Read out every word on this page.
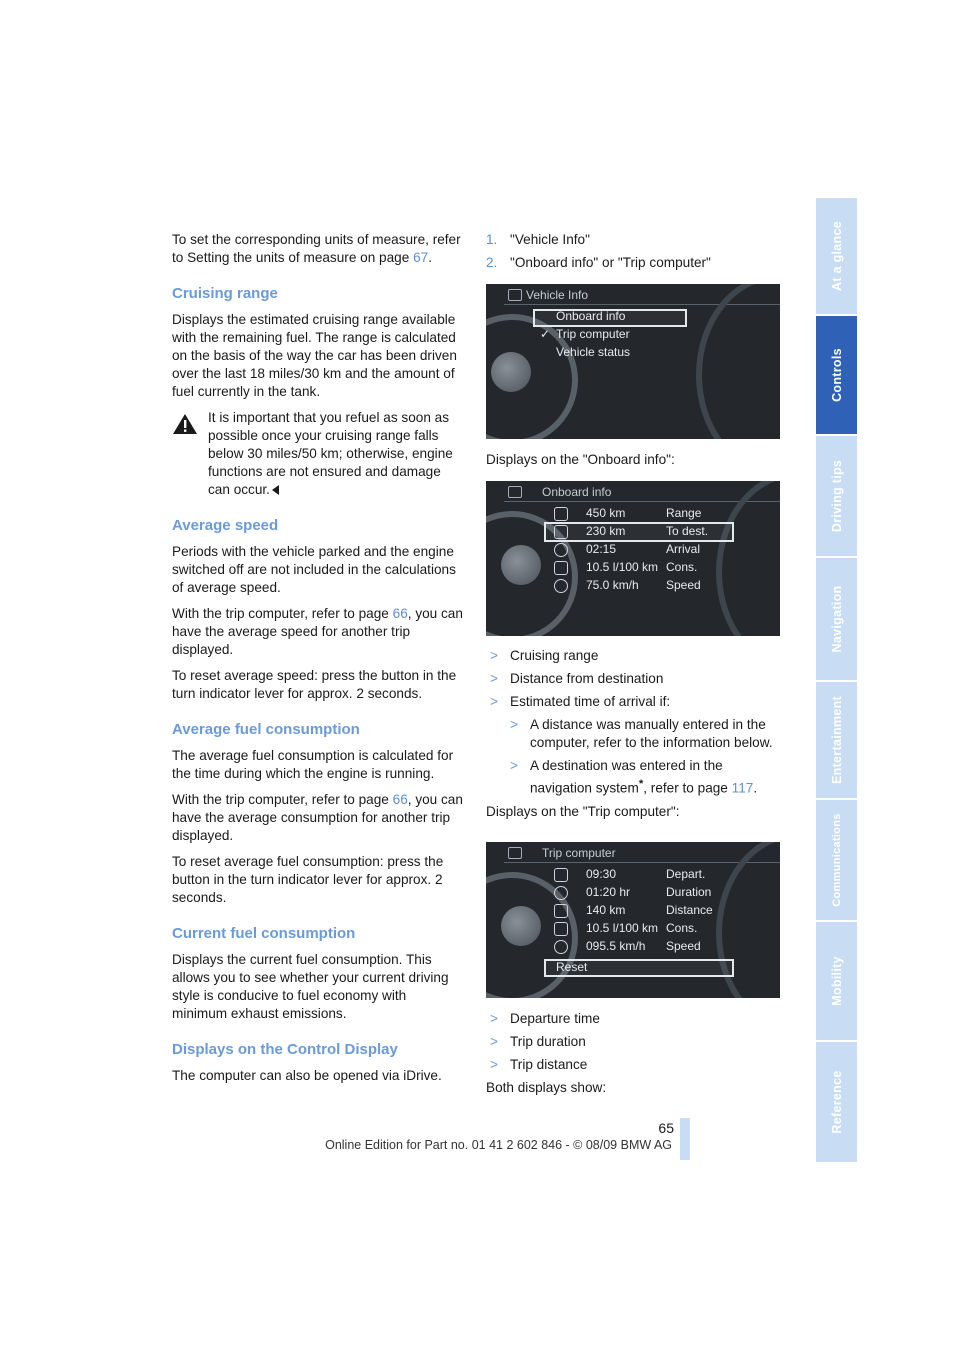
To set the corresponding units of measure, refer to Setting the units of measure on page 67.

Cruising range

Displays the estimated cruising range available with the remaining fuel. The range is calculated on the basis of the way the car has been driven over the last 18 miles/30 km and the amount of fuel currently in the tank.

It is important that you refuel as soon as possible once your cruising range falls below 30 miles/50 km; otherwise, engine functions are not ensured and damage can occur.

Average speed

Periods with the vehicle parked and the engine switched off are not included in the calculations of average speed.

With the trip computer, refer to page 66, you can have the average speed for another trip displayed.

To reset average speed: press the button in the turn indicator lever for approx. 2 seconds.

Average fuel consumption

The average fuel consumption is calculated for the time during which the engine is running.

With the trip computer, refer to page 66, you can have the average consumption for another trip displayed.

To reset average fuel consumption: press the button in the turn indicator lever for approx. 2 seconds.

Current fuel consumption

Displays the current fuel consumption. This allows you to see whether your current driving style is conducive to fuel economy with minimum exhaust emissions.

Displays on the Control Display

The computer can also be opened via iDrive.

1. "Vehicle Info"

2. "Onboard info" or "Trip computer"

Vehicle Info
Onboard info
✓ Trip computer
Vehicle status
Displays on the "Onboard info":
Onboard info
450 km	Range
230 km	To dest.
02:15	Arrival
10.5 l/100 km Cons.
75.0 km/h Speed
> Cruising range
> Distance from destination
> Estimated time of arrival if:
> A distance was manually entered in the computer, refer to the information below.
> A destination was entered in the navigation system*, refer to page 117.

Displays on the "Trip computer":

Trip computer
09:30	Depart.
01:20 hr	Duration
140 km	Distance
10.5 l/100 km Cons.
095.5 km/h Speed
Reset
> Departure time
> Trip duration
> Trip distance

Both displays show:

At a glance
Controls
Driving tips
Navigation
Entertainment
Communications
Mobility
Reference
65
Online Edition for Part no. 01 41 2 602 846 - © 08/09 BMW AG
